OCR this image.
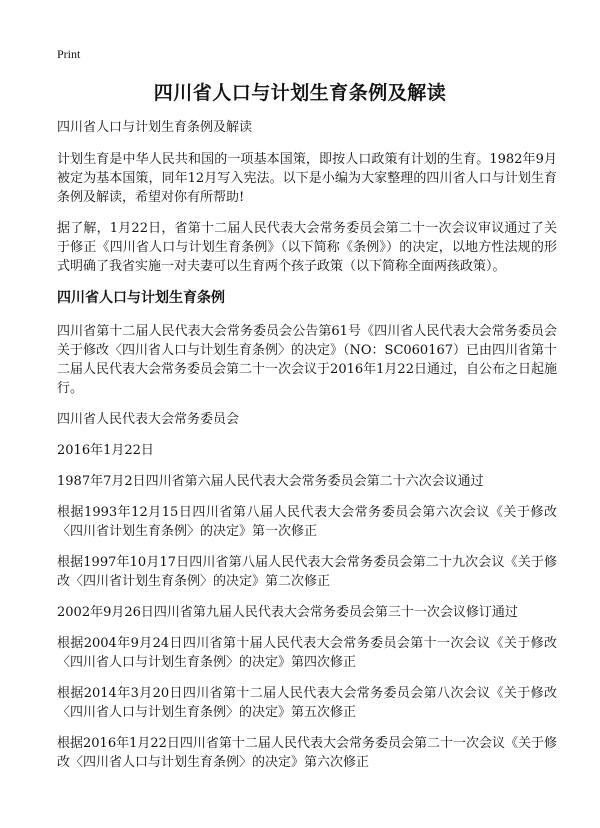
Print
四川省人口与计划生育条例及解读

四川省人口与计划生育条例及解读

计划生育是中华人民共和国的一项基本国策，即按人口政策有计划的生育。1982年9月被定为基本国策，同年12月写入宪法。以下是小编为大家整理的四川省人口与计划生育条例及解读，希望对你有所帮助!

据了解，1月22日，省第十二届人民代表大会常务委员会第二十一次会议审议通过了关于修正《四川省人口与计划生育条例》（以下简称《条例》）的决定，以地方性法规的形式明确了我省实施一对夫妻可以生育两个孩子政策（以下简称全面两孩政策）。

四川省人口与计划生育条例

四川省第十二届人民代表大会常务委员会公告第61号《四川省人民代表大会常务委员会关于修改〈四川省人口与计划生育条例〉的决定》（NO：SC060167）已由四川省第十二届人民代表大会常务委员会第二十一次会议于2016年1月22日通过，自公布之日起施行。

四川省人民代表大会常务委员会

2016年1月22日

1987年7月2日四川省第六届人民代表大会常务委员会第二十六次会议通过

根据1993年12月15日四川省第八届人民代表大会常务委员会第六次会议《关于修改〈四川省计划生育条例〉的决定》第一次修正

根据1997年10月17日四川省第八届人民代表大会常务委员会第二十九次会议《关于修改〈四川省计划生育条例〉的决定》第二次修正

2002年9月26日四川省第九届人民代表大会常务委员会第三十一次会议修订通过

根据2004年9月24日四川省第十届人民代表大会常务委员会第十一次会议《关于修改〈四川省人口与计划生育条例〉的决定》第四次修正

根据2014年3月20日四川省第十二届人民代表大会常务委员会第八次会议《关于修改〈四川省人口与计划生育条例〉的决定》第五次修正

根据2016年1月22日四川省第十二届人民代表大会常务委员会第二十一次会议《关于修改〈四川省人口与计划生育条例〉的决定》第六次修正
